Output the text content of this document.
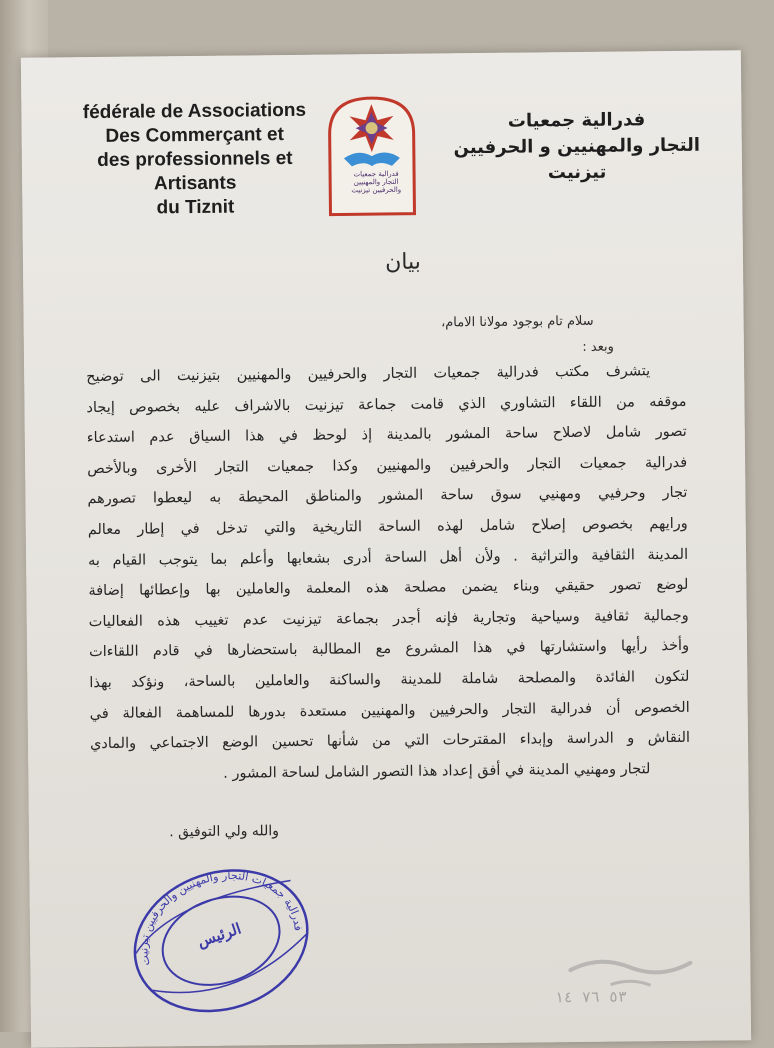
fédérale de Associations
Des Commerçant et
des professionnels et
Artisants
du Tiznit
فدرالية جمعيات التجار والمهنيين والحرفيين تيزنيت
فدرالية جمعيات
التجار والمهنيين و الحرفيين
تيزنيت
بيان
سلام تام بوجود مولانا الامام،
وبعد :
يتشرف مكتب فدرالية جمعيات التجار والحرفيين والمهنيين بتيزنيت الى توضيح
موقفه من اللقاء التشاوري الذي قامت جماعة تيزنيت بالاشراف عليه بخصوص إيجاد
تصور شامل لاصلاح ساحة المشور بالمدينة إذ لوحظ في هذا السياق عدم استدعاء
فدرالية جمعيات التجار والحرفيين والمهنيين وكذا جمعيات التجار الأخرى وبالأخص
تجار وحرفيي ومهنيي سوق ساحة المشور والمناطق المحيطة به ليعطوا تصورهم
ورايهم بخصوص إصلاح شامل لهذه الساحة التاريخية والتي تدخل في إطار معالم
المدينة الثقافية والتراثية . ولأن أهل الساحة أدرى بشعابها وأعلم بما يتوجب القيام به
لوضع تصور حقيقي وبناء يضمن مصلحة هذه المعلمة والعاملين بها وإعطائها إضافة
وجمالية ثقافية وسياحية وتجارية فإنه أجدر بجماعة تيزنيت عدم تغييب هذه الفعاليات
وأخذ رأيها واستشارتها في هذا المشروع مع المطالبة باستحضارها في قادم اللقاءات
لتكون الفائدة والمصلحة شاملة للمدينة والساكنة والعاملين بالساحة، ونؤكد بهذا
الخصوص أن فدرالية التجار والحرفيين والمهنيين مستعدة بدورها للمساهمة الفعالة في
النقاش و الدراسة وإبداء المقترحات التي من شأنها تحسين الوضع الاجتماعي والمادي
لتجار ومهنيي المدينة في أفق إعداد هذا التصور الشامل لساحة المشور .
والله ولي التوفيق .
فدرالية جمعيات التجار والمهنيين والحرفيين تيزنيت
الرئيس
٥٣ ٧٦ ١٤
